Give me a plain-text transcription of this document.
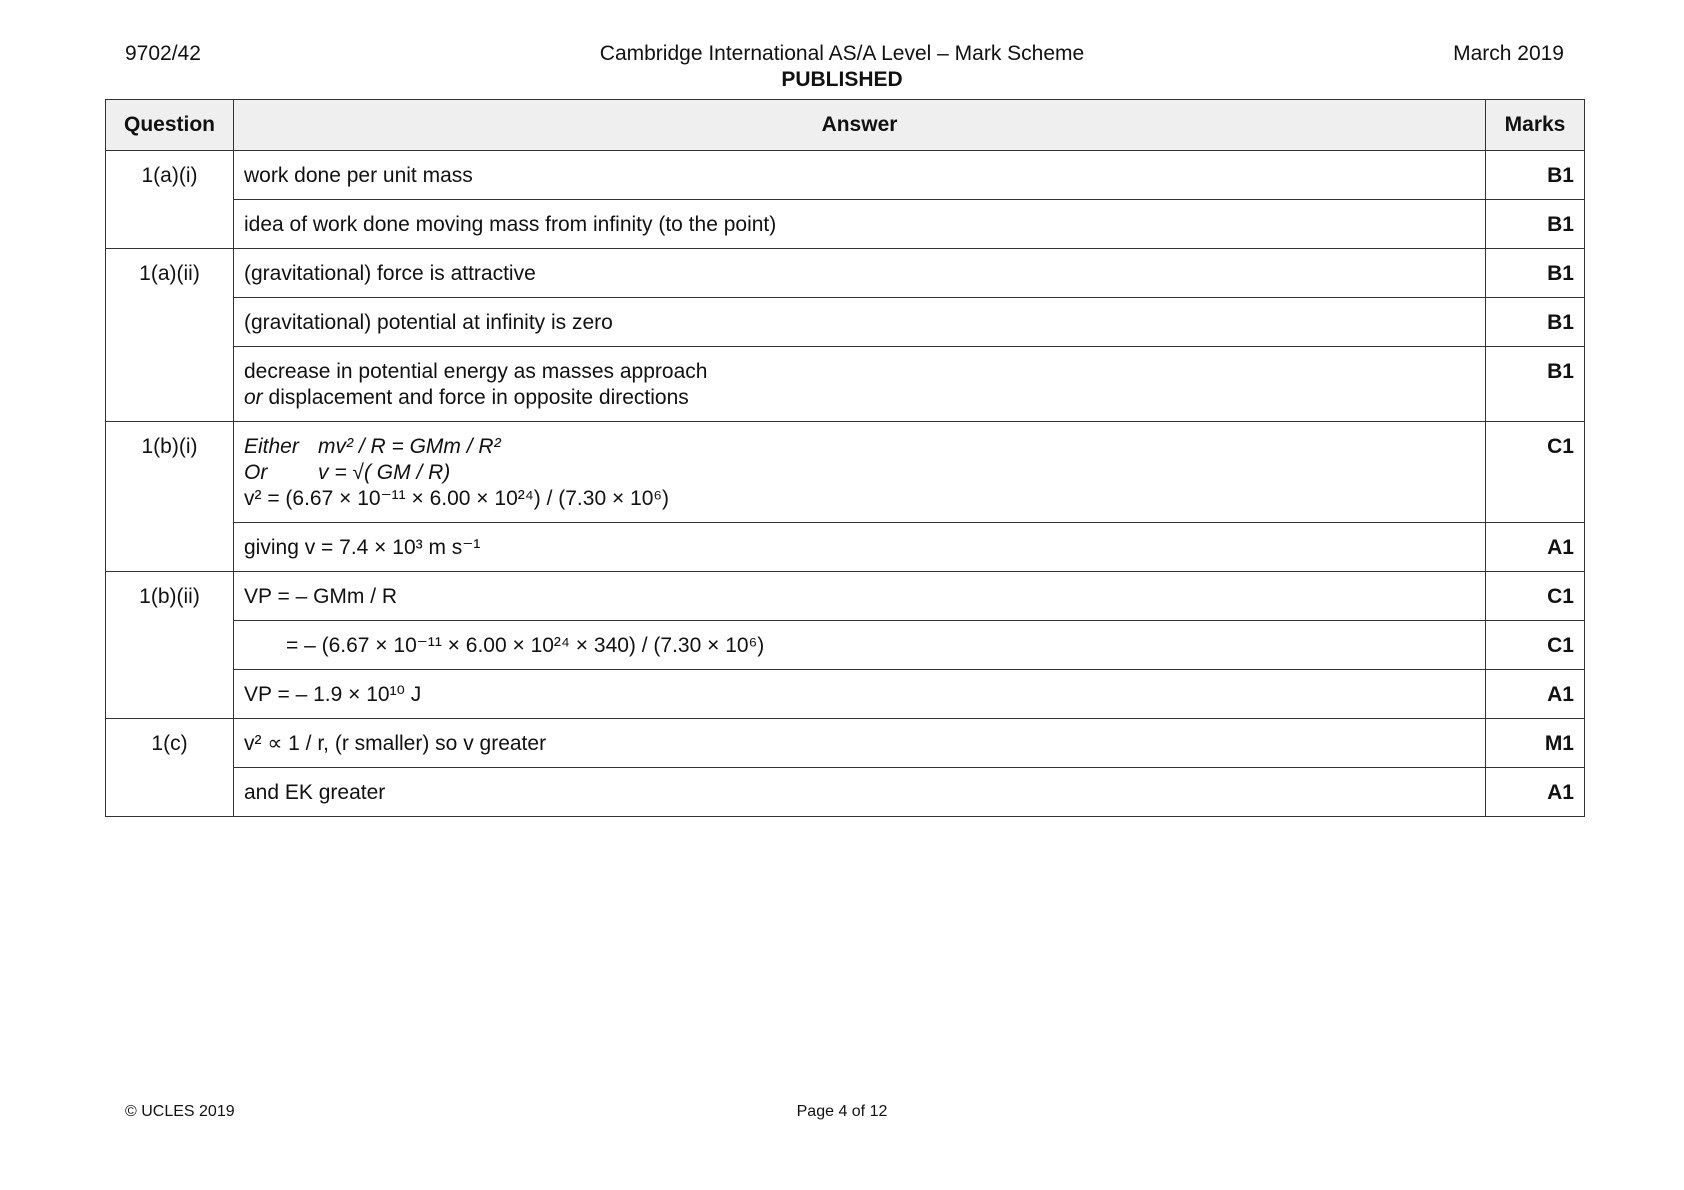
9702/42	Cambridge International AS/A Level – Mark Scheme
PUBLISHED
March 2019
Question	Answer	Marks
1(a)(i)	work done per unit mass	B1
	idea of work done moving mass from infinity (to the point)	B1
1(a)(ii)	(gravitational) force is attractive	B1
	(gravitational) potential at infinity is zero	B1

	decrease in potential energy as masses approach
or displacement and force in opposite directions	B1
1(b)(i)	Either mv² / R = GMm / R²
Or v = √( GM / R)
v² = (6.67 × 10⁻¹¹ × 6.00 × 10²⁴) / (7.30 × 10⁶)	C1
	giving v = 7.4 × 10³ m s⁻¹	A1
1(b)(ii)	VP = – GMm / R	C1
	= – (6.67 × 10⁻¹¹ × 6.00 × 10²⁴ × 340) / (7.30 × 10⁶)	C1
	VP = – 1.9 × 10¹⁰ J	A1
1(c)	v² ∝ 1 / r, (r smaller) so v greater	M1
	and EK greater	A1
© UCLES 2019	Page 4 of 12
